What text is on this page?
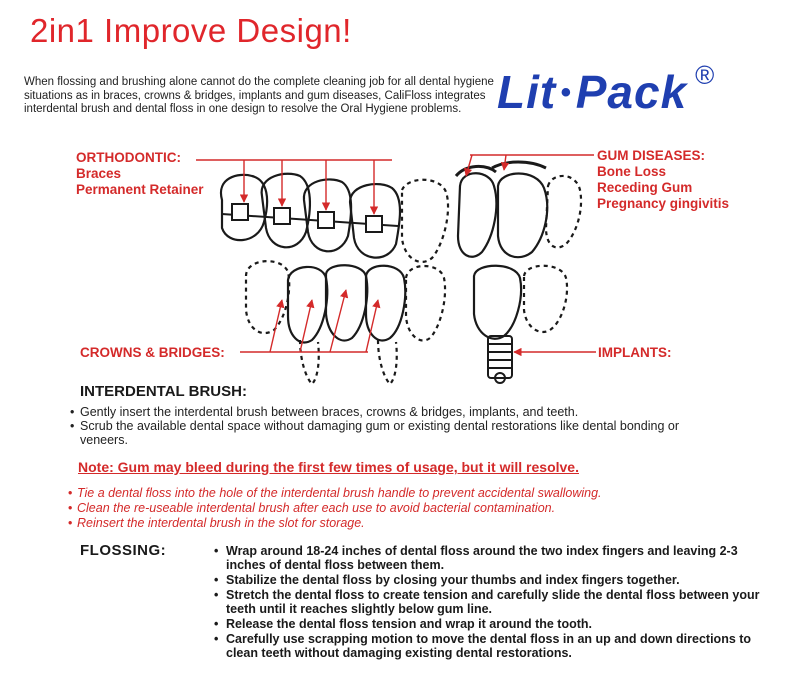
2in1 Improve Design!
Lit •Pack ®

When flossing and brushing alone cannot do the complete cleaning job for all dental hygiene situations as in braces, crowns & bridges, implants and gum diseases, CaliFloss integrates interdental brush and dental floss in one design to resolve the Oral Hygiene problems.

ORTHODONTIC:
Braces
Permanent Retainer
GUM DISEASES:
Bone Loss
Receding Gum
Pregnancy gingivitis
CROWNS & BRIDGES:	IMPLANTS:
INTERDENTAL BRUSH:
• Gently insert the interdental brush between braces, crowns & bridges, implants, and teeth.
• Scrub the available dental space without damaging gum or existing dental restorations like dental bonding or veneers.

Note: Gum may bleed during the first few times of usage, but it will resolve.

• Tie a dental floss into the hole of the interdental brush handle to prevent accidental swallowing.
• Clean the re-useable interdental brush after each use to avoid bacterial contamination.
• Reinsert the interdental brush in the slot for storage.
FLOSSING:
•	Wrap around 18-24 inches of dental floss around the two index fingers and leaving 2-3 inches of dental floss between them.
• Stabilize the dental floss by closing your thumbs and index fingers together.
• Stretch the dental floss to create tension and carefully slide the dental floss between your teeth until it reaches slightly below gum line.
• Release the dental floss tension and wrap it around the tooth.
• Carefully use scrapping motion to move the dental floss in an up and down directions to clean teeth without damaging existing dental restorations.
